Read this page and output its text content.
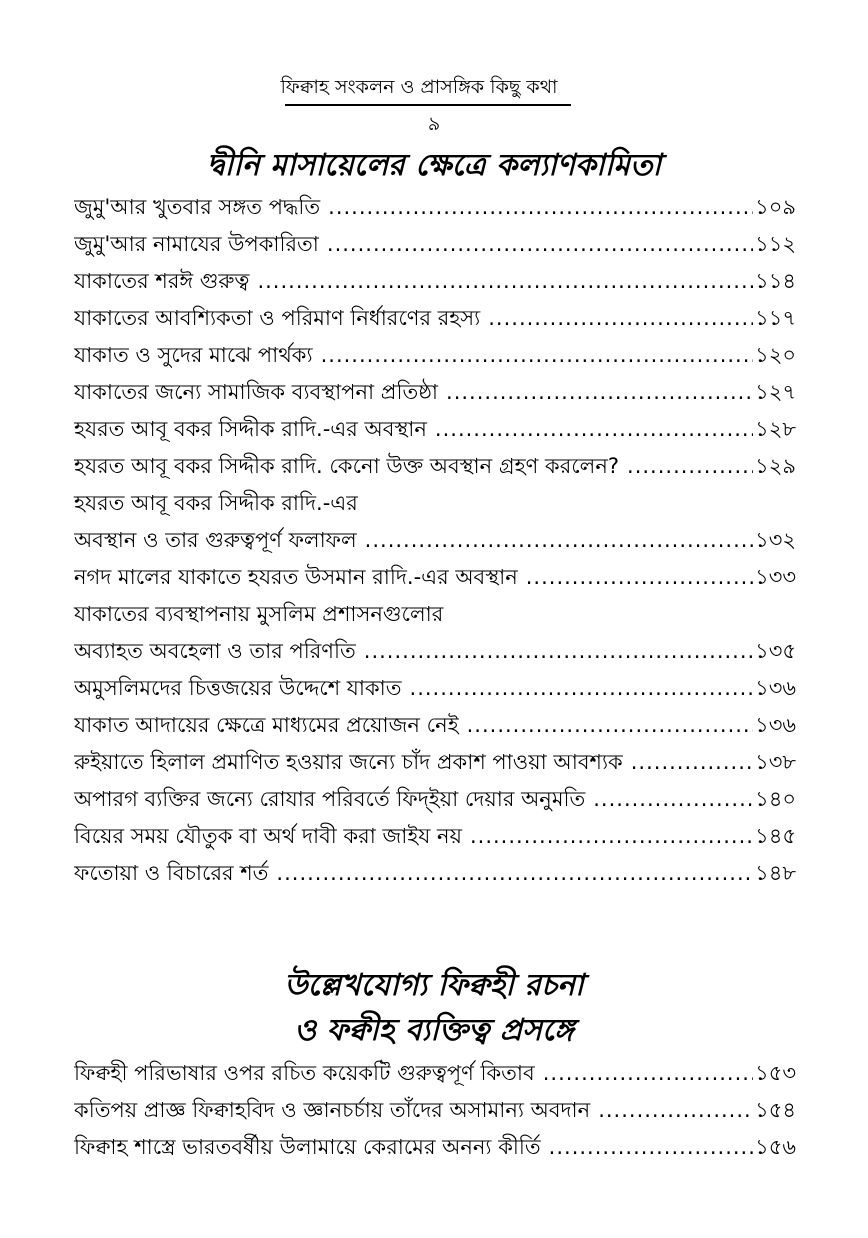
ফিক্বাহ সংকলন ও প্রাসঙ্গিক কিছু কথা
৯
দ্বীনি মাসায়েলের ক্ষেত্রে কল্যাণকামিতা
জুমু'আর খুতবার সঙ্গত পদ্ধতি .....	১০৯
জুমু'আর নামাযের উপকারিতা .....	১১২
যাকাতের শরঈ গুরুত্ব .....	১১৪
যাকাতের আবশ্যিকতা ও পরিমাণ নির্ধারণের রহস্য .....	১১৭
যাকাত ও সুদের মাঝে পার্থক্য .....	১২০
যাকাতের জন্যে সামাজিক ব্যবস্থাপনা প্রতিষ্ঠা .....	১২৭
হযরত আবূ বকর সিদ্দীক রাদি.-এর অবস্থান .....	১২৮
হযরত আবূ বকর সিদ্দীক রাদি. কেনো উক্ত অবস্থান গ্রহণ করলেন? .....	১২৯
হযরত আবূ বকর সিদ্দীক রাদি.-এর
অবস্থান ও তার গুরুত্বপূর্ণ ফলাফল .....	১৩২
নগদ মালের যাকাতে হযরত উসমান রাদি.-এর অবস্থান .....	১৩৩
যাকাতের ব্যবস্থাপনায় মুসলিম প্রশাসনগুলোর
অব্যাহত অবহেলা ও তার পরিণতি .....	১৩৫
অমুসলিমদের চিত্তজয়ের উদ্দেশে যাকাত .....	১৩৬
যাকাত আদায়ের ক্ষেত্রে মাধ্যমের প্রয়োজন নেই .....	১৩৬
রুইয়াতে হিলাল প্রমাণিত হওয়ার জন্যে চাঁদ প্রকাশ পাওয়া আবশ্যক .....	১৩৮
অপারগ ব্যক্তির জন্যে রোযার পরিবর্তে ফিদ্‌ইয়া দেয়ার অনুমতি .....	১৪০
বিয়ের সময় যৌতুক বা অর্থ দাবী করা জাইয নয় .....	১৪৫
ফতোয়া ও বিচারের শর্ত .....	১৪৮
উল্লেখযোগ্য ফিক্বহী রচনা
ও ফক্বীহ ব্যক্তিত্ব প্রসঙ্গে
ফিক্বহী পরিভাষার ওপর রচিত কয়েকটি গুরুত্বপূর্ণ কিতাব .....	১৫৩
কতিপয় প্রাজ্ঞ ফিক্বাহবিদ ও জ্ঞানচর্চায় তাঁদের অসামান্য অবদান .....	১৫৪
ফিক্বাহ শাস্ত্রে ভারতবর্ষীয় উলামায়ে কেরামের অনন্য কীর্তি .....	১৫৬
